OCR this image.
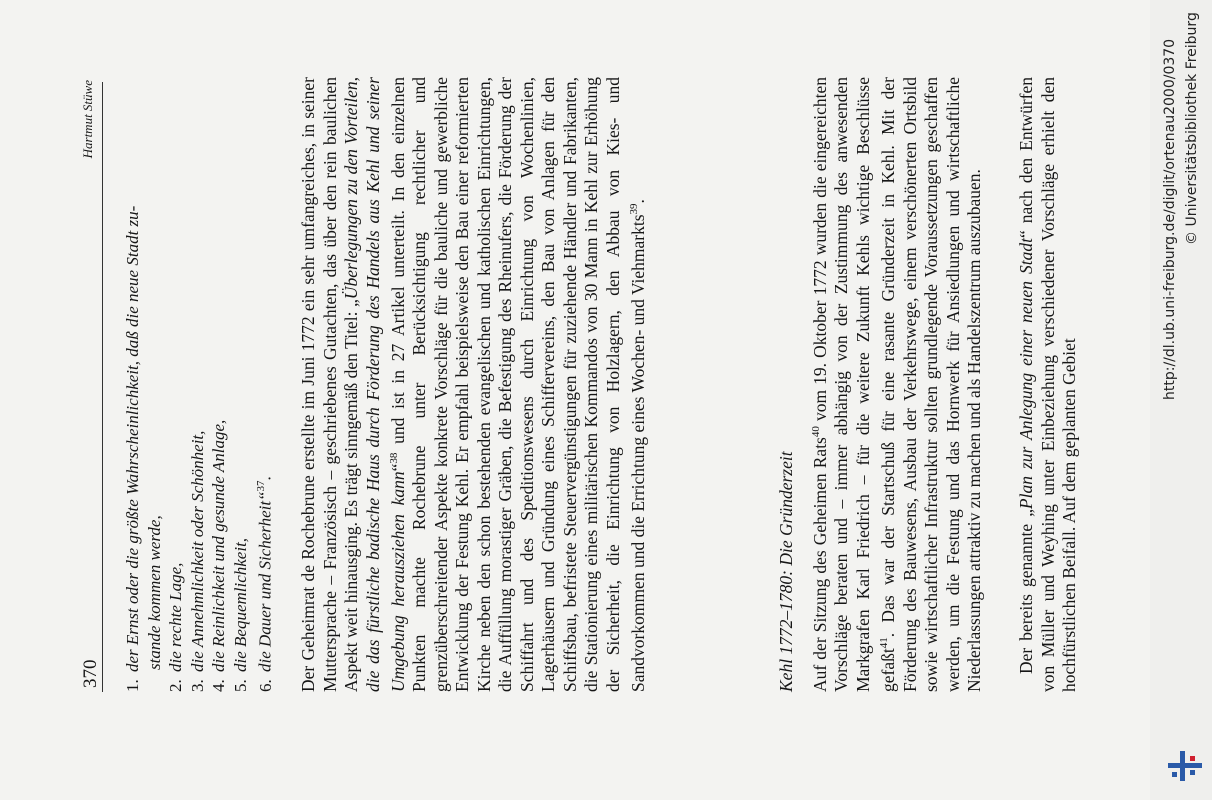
370
Hartmut Stüwe
1.der Ernst oder die größte Wahrscheinlichkeit, daß die neue Stadt zu- stande kommen werde,
2.die rechte Lage,
3.die Annehmlichkeit oder Schönheit,
4.die Reinlichkeit und gesunde Anlage,
5.die Bequemlichkeit,
6.die Dauer und Sicherheit“$^{37}$. Der Geheimrat de Rochebrune erstellte im Juni 1772 ein sehr umfangreiches, in seiner Muttersprache – Französisch – geschriebenes Gutachten, das über den rein baulichen Aspekt weit hinausging. Es trägt sinngemäß den Titel: „Überlegungen zu den Vorteilen, die das fürstliche badische Haus durch Förderung des Handels aus Kehl und seiner Umgebung herausziehen kann“$^{38}$ und ist in 27 Artikel unterteilt. In den einzelnen Punkten machte Rochebrune unter Berücksichtigung rechtlicher und grenzüberschreitender Aspekte konkrete Vorschläge für die bauliche und gewerbliche Entwicklung der Festung Kehl. Er empfahl beispielsweise den Bau einer reformierten Kirche neben den schon bestehenden evangelischen und katholischen Einrichtungen, die Auffüllung morastiger Gräben, die Befestigung des Rheinufers, die Förderung der Schiffahrt und des Speditionswesens durch Einrichtung von Wochenlinien, Lagerhäusern und Gründung eines Schiffervereins, den Bau von Anlagen für den Schiffsbau, befristete Steuervergünstigungen für zuziehende Händler und Fabrikanten, die Stationierung eines militärischen Kommandos von 30 Mann in Kehl zur Erhöhung der Sicherheit, die Einrichtung von Holzlagern, den Abbau von Kies- und Sandvorkommen und die Errichtung eines Wochen- und Viehmarkts$^{39}$.

Kehl 1772–1780: Die Gründerzeit Auf der Sitzung des Geheimen Rats$^{40}$ vom 19. Oktober 1772 wurden die eingereichten Vorschläge beraten und – immer abhängig von der Zustimmung des anwesenden Markgrafen Karl Friedrich – für die weitere Zukunft Kehls wichtige Beschlüsse gefaßt$^{41}$. Das war der Startschuß für eine rasante Gründerzeit in Kehl. Mit der Förderung des Bauwesens, Ausbau der Verkehrswege, einem verschönerten Ortsbild sowie wirtschaftlicher Infrastruktur sollten grundlegende Voraussetzungen geschaffen werden, um die Festung und das Hornwerk für Ansiedlungen und wirtschaftliche Niederlassungen attraktiv zu machen und als Handelszentrum auszubauen. Der bereits genannte „Plan zur Anlegung einer neuen Stadt“ nach den Entwürfen von Müller und Weyhing unter Einbeziehung verschiedener Vorschläge erhielt den hochfürstlichen Beifall. Auf dem geplanten Gebiet

http://dl.ub.uni-freiburg.de/diglit/ortenau2000/0370 © Universitätsbibliothek Freiburg
